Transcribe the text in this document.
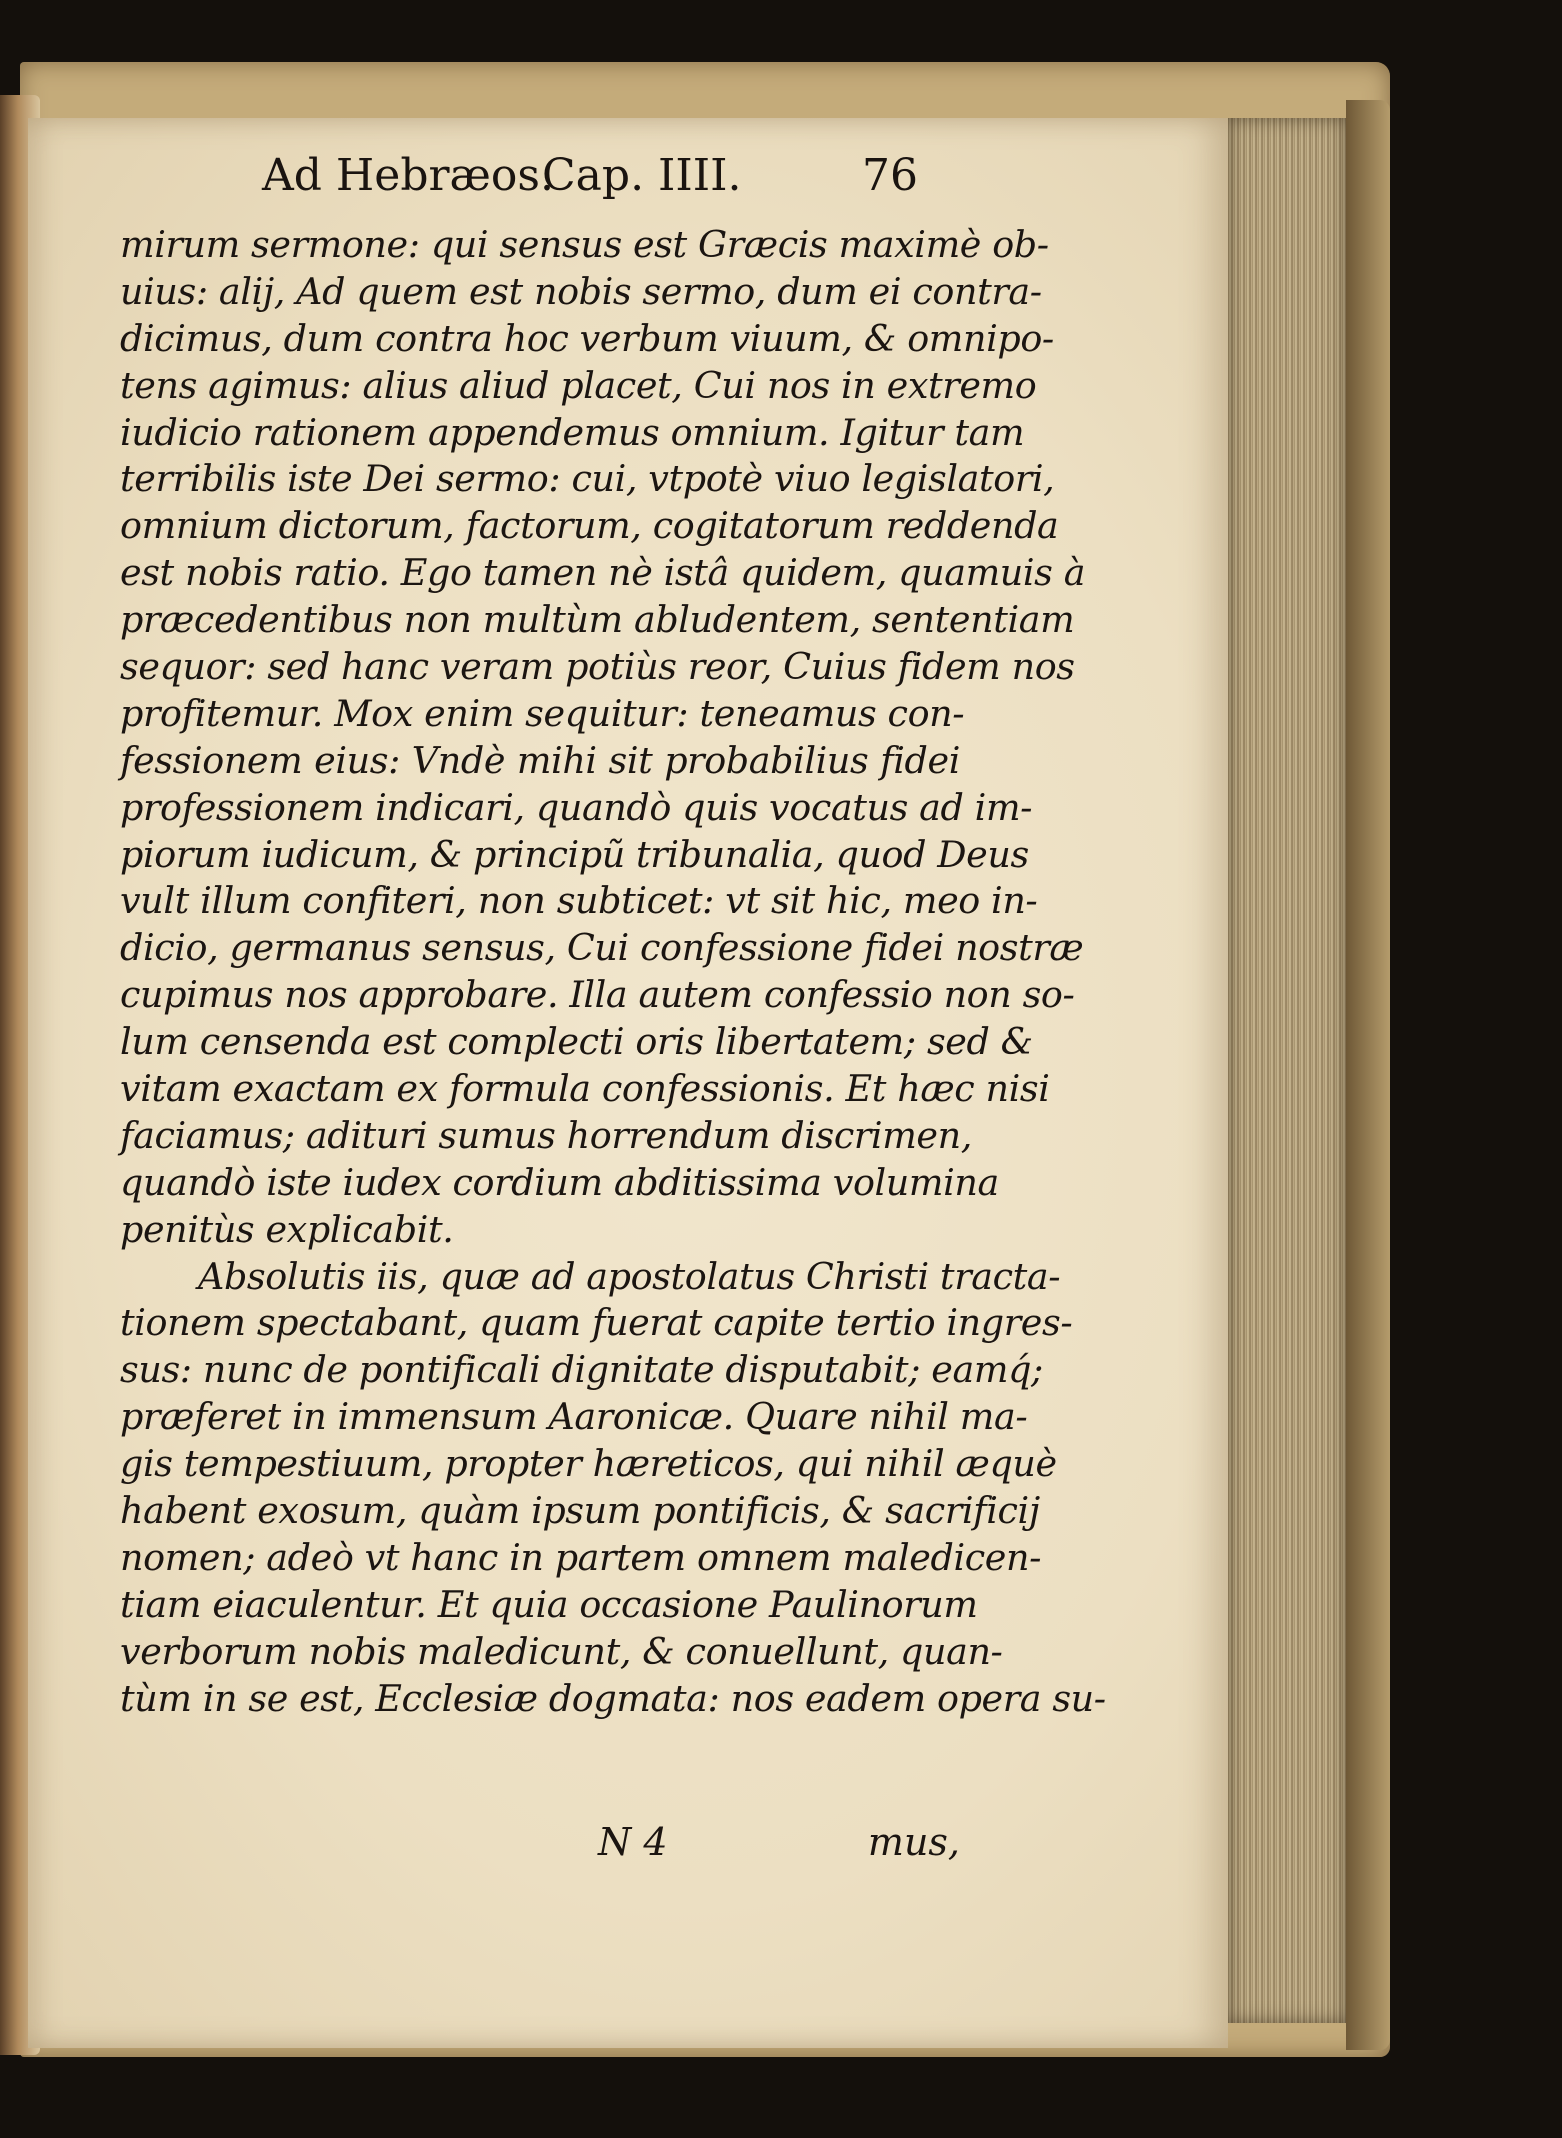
Ad Hebræos.
Cap. IIII.	76
mirum sermone: qui sensus est Græcis maximè ob-
uius: alij, Ad quem est nobis sermo, dum ei contra-
dicimus, dum contra hoc verbum viuum, & omnipo-
tens agimus: alius aliud placet, Cui nos in extremo
iudicio rationem appendemus omnium. Igitur tam
terribilis iste Dei sermo: cui, vtpotè viuo legislatori,
omnium dictorum, factorum, cogitatorum reddenda
est nobis ratio. Ego tamen nè istâ quidem, quamuis à
præcedentibus non multùm abludentem, sententiam
sequor: sed hanc veram potiùs reor, Cuius fidem nos
profitemur. Mox enim sequitur: teneamus con-
fessionem eius: Vndè mihi sit probabilius fidei
professionem indicari, quandò quis vocatus ad im-
piorum iudicum, & principũ tribunalia, quod Deus
vult illum confiteri, non subticet: vt sit hic, meo in-
dicio, germanus sensus, Cui confessione fidei nostræ
cupimus nos approbare. Illa autem confessio non so-
lum censenda est complecti oris libertatem; sed &
vitam exactam ex formula confessionis. Et hæc nisi
faciamus; adituri sumus horrendum discrimen,
quandò iste iudex cordium abditissima volumina
penitùs explicabit.
Absolutis iis, quæ ad apostolatus Christi tracta-
tionem spectabant, quam fuerat capite tertio ingres-
sus: nunc de pontificali dignitate disputabit; eamq́;
præferet in immensum Aaronicæ. Quare nihil ma-
gis tempestiuum, propter hæreticos, qui nihil æquè
habent exosum, quàm ipsum pontificis, & sacrificij
nomen; adeò vt hanc in partem omnem maledicen-
tiam eiaculentur. Et quia occasione Paulinorum
verborum nobis maledicunt, & conuellunt, quan-
tùm in se est, Ecclesiæ dogmata: nos eadem opera su-
N 4	mus,
